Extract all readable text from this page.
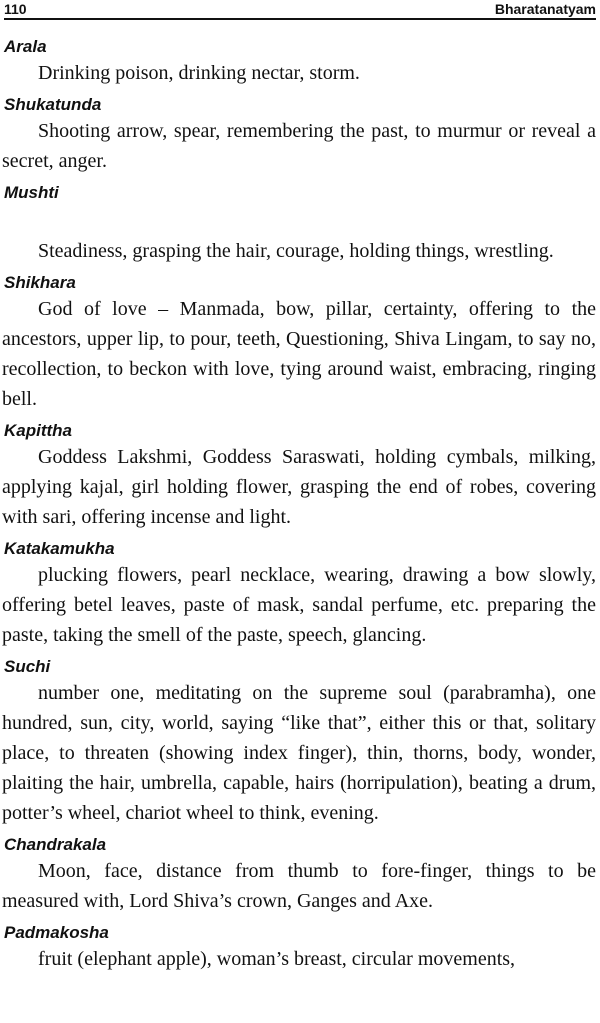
110	Bharatanatyam

Arala

Drinking poison, drinking nectar, storm.

Shukatunda

Shooting arrow, spear, remembering the past, to murmur or reveal a secret, anger.

Mushti

Steadiness, grasping the hair, courage, holding things, wrestling.

Shikhara

God of love – Manmada, bow, pillar, certainty, offering to the ancestors, upper lip, to pour, teeth, Questioning, Shiva Lingam, to say no, recollection, to beckon with love, tying around waist, embracing, ringing bell.

Kapittha

Goddess Lakshmi, Goddess Saraswati, holding cymbals, milking, applying kajal, girl holding flower, grasping the end of robes, covering with sari, offering incense and light.

Katakamukha

plucking flowers, pearl necklace, wearing, drawing a bow slowly, offering betel leaves, paste of mask, sandal perfume, etc. preparing the paste, taking the smell of the paste, speech, glancing.

Suchi

number one, meditating on the supreme soul (parabramha), one hundred, sun, city, world, saying “like that”, either this or that, solitary place, to threaten (showing index finger), thin, thorns, body, wonder, plaiting the hair, umbrella, capable, hairs (horripulation), beating a drum, potter’s wheel, chariot wheel to think, evening.

Chandrakala

Moon, face, distance from thumb to fore-finger, things to be measured with, Lord Shiva’s crown, Ganges and Axe.

Padmakosha

fruit (elephant apple), woman’s breast, circular movements,
